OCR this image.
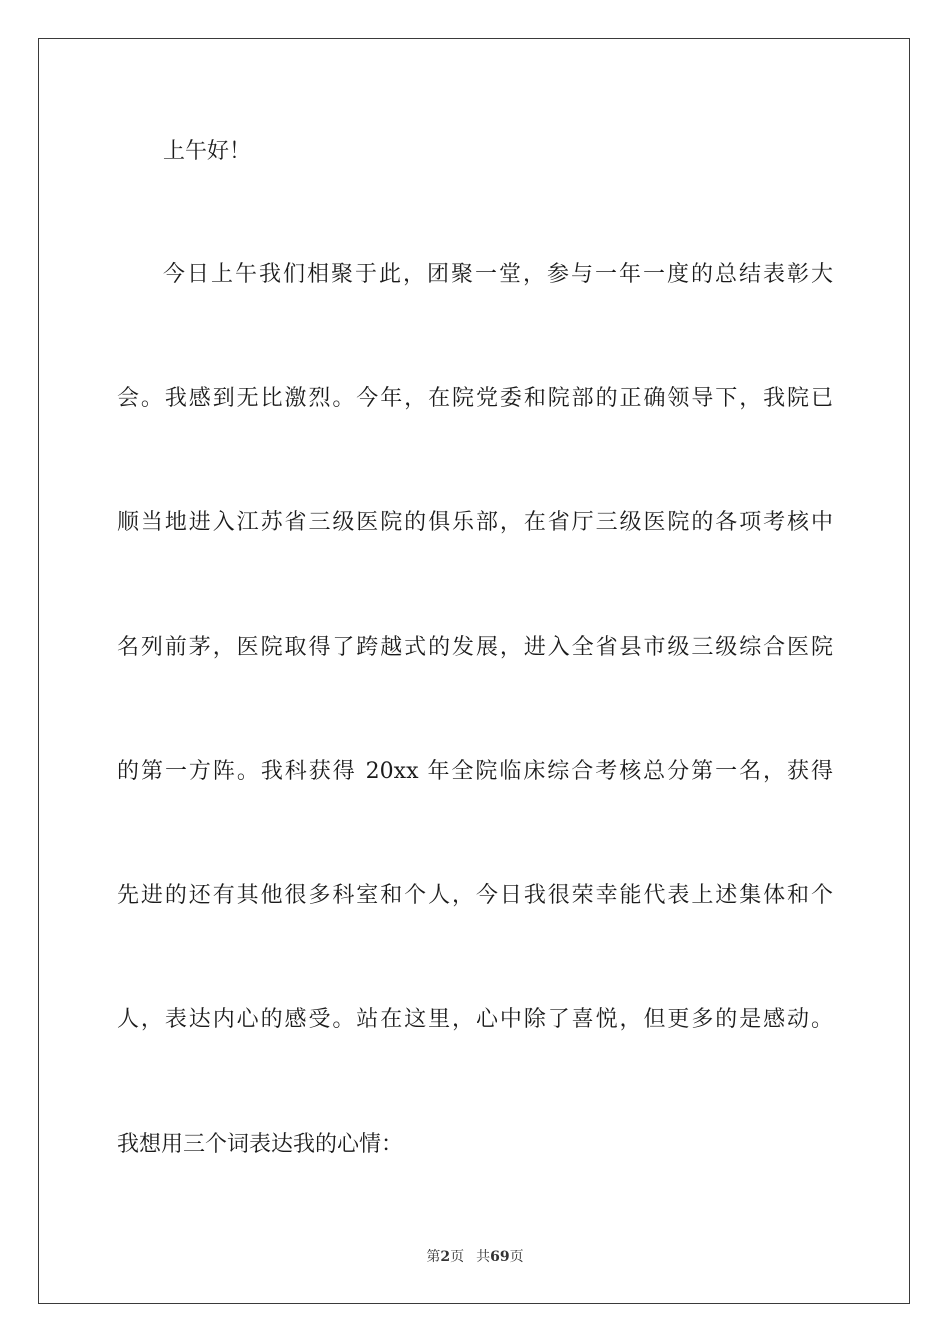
上午好！
今日上午我们相聚于此，团聚一堂，参与一年一度的总结表彰大
会。我感到无比激烈。今年，在院党委和院部的正确领导下，我院已
顺当地进入江苏省三级医院的俱乐部，在省厅三级医院的各项考核中
名列前茅，医院取得了跨越式的发展，进入全省县市级三级综合医院
的第一方阵。我科获得 20xx 年全院临床综合考核总分第一名，获得
先进的还有其他很多科室和个人，今日我很荣幸能代表上述集体和个
人，表达内心的感受。站在这里，心中除了喜悦，但更多的是感动。
我想用三个词表达我的心情：
第2页 共69页
